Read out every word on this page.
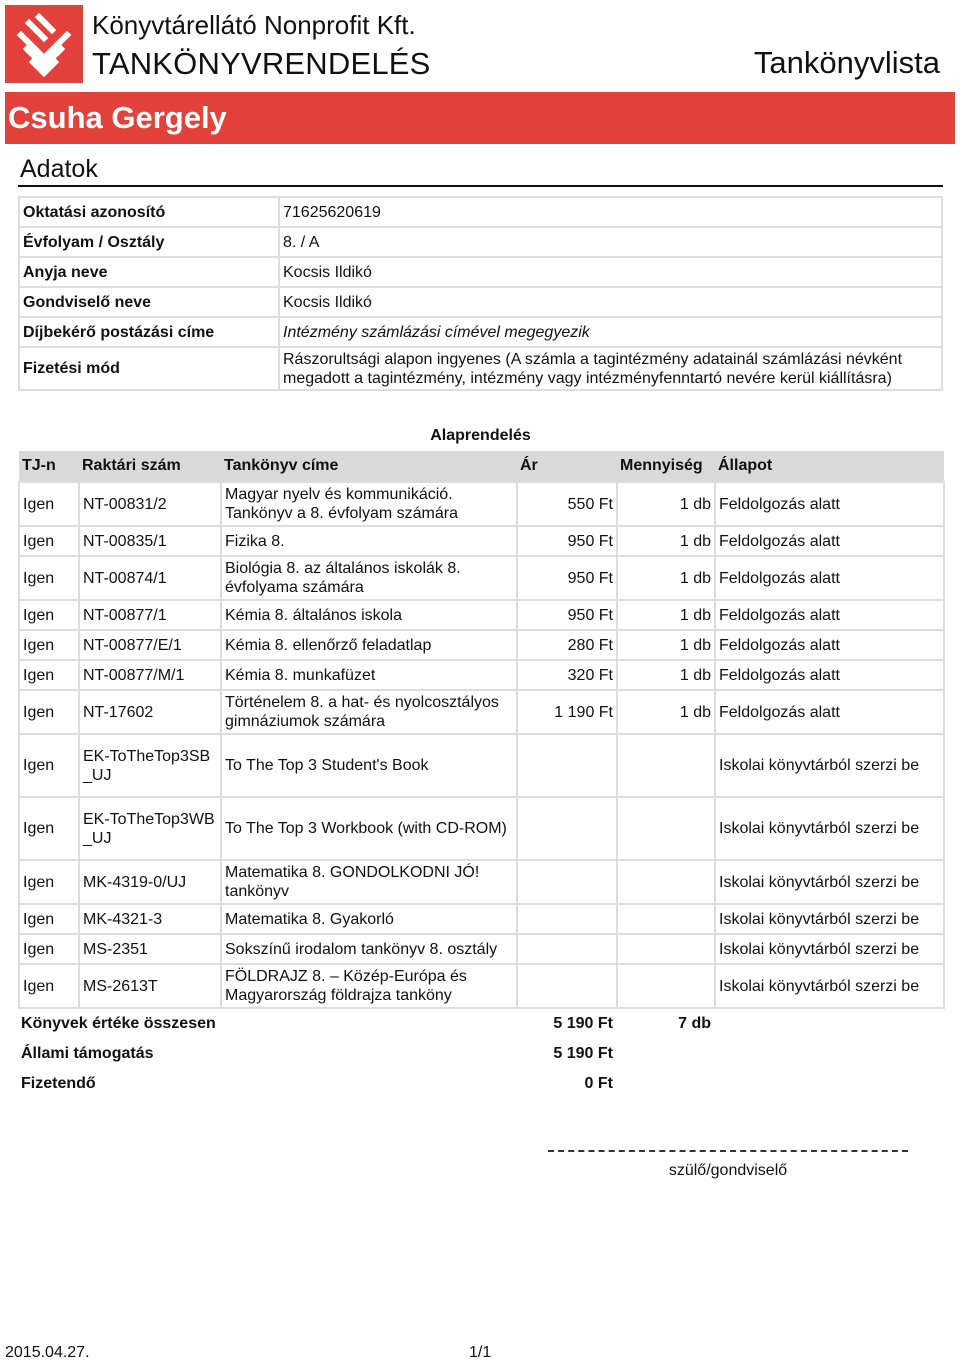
Könyvtárellátó Nonprofit Kft.
TANKÖNYVRENDELÉS	Tankönyvlista
Csuha Gergely
Adatok
Oktatási azonosító	71625620619
Évfolyam / Osztály	8. / A
Anyja neve	Kocsis Ildikó
Gondviselő neve	Kocsis Ildikó
Díjbekérő postázási címe	Intézmény számlázási címével megegyezik
Fizetési mód	Rászorultsági alapon ingyenes (A számla a tagintézmény adatainál számlázási névként megadott a tagintézmény, intézmény vagy intézményfenntartó nevére kerül kiállításra)
Alaprendelés
TJ-n	Raktári szám	Tankönyv címe	Ár	Mennyiség	Állapot
Igen	NT-00831/2	Magyar nyelv és kommunikáció. Tankönyv a 8. évfolyam számára	550 Ft	1 db	Feldolgozás alatt
Igen	NT-00835/1	Fizika 8.	950 Ft	1 db	Feldolgozás alatt
Igen	NT-00874/1	Biológia 8. az általános iskolák 8. évfolyama számára	950 Ft	1 db	Feldolgozás alatt
Igen	NT-00877/1	Kémia 8. általános iskola	950 Ft	1 db	Feldolgozás alatt
Igen	NT-00877/E/1	Kémia 8. ellenőrző feladatlap	280 Ft	1 db	Feldolgozás alatt
Igen	NT-00877/M/1	Kémia 8. munkafüzet	320 Ft	1 db	Feldolgozás alatt
Igen	NT-17602	Történelem 8. a hat- és nyolcosztályos gimnáziumok számára	1 190 Ft	1 db	Feldolgozás alatt
Igen	EK-ToTheTop3SB_UJ	To The Top 3 Student's Book			Iskolai könyvtárból szerzi be
Igen	EK-ToTheTop3WB_UJ	To The Top 3 Workbook (with CD-ROM)			Iskolai könyvtárból szerzi be
Igen	MK-4319-0/UJ	Matematika 8. GONDOLKODNI JÓ! tankönyv			Iskolai könyvtárból szerzi be
Igen	MK-4321-3	Matematika 8. Gyakorló			Iskolai könyvtárból szerzi be
Igen	MS-2351	Sokszínű irodalom tankönyv 8. osztály			Iskolai könyvtárból szerzi be
Igen	MS-2613T	FÖLDRAJZ 8. – Közép-Európa és Magyarország földrajza tanköny			Iskolai könyvtárból szerzi be
Könyvek értéke összesen	5 190 Ft	7 db	
Állami támogatás	5 190 Ft		
Fizetendő	0 Ft		
szülő/gondviselő
2015.04.27.	1/1
